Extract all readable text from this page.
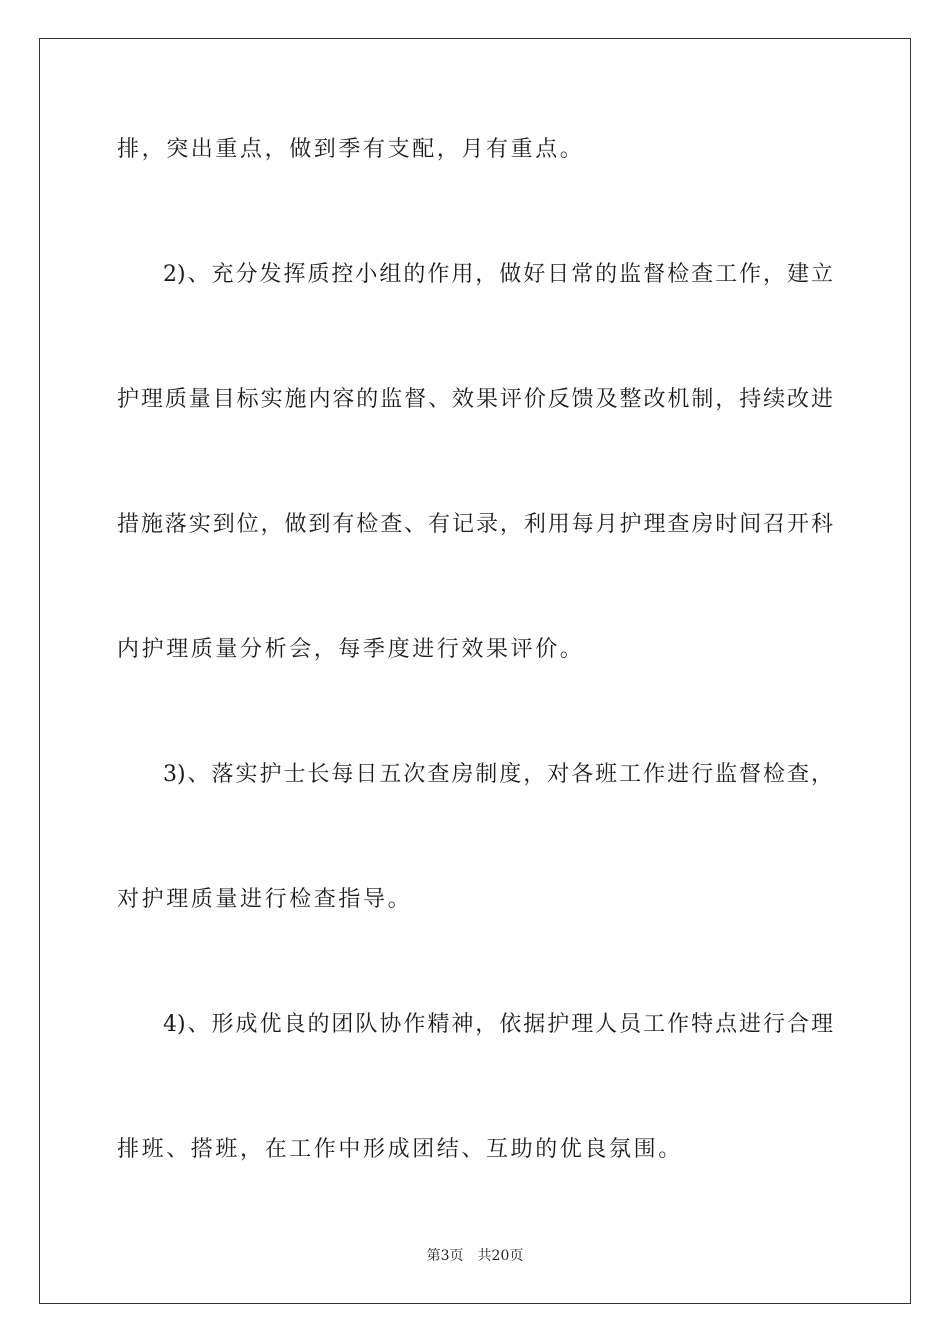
排，突出重点，做到季有支配，月有重点。
2)、充分发挥质控小组的作用，做好日常的监督检查工作，建立
护理质量目标实施内容的监督、效果评价反馈及整改机制，持续改进
措施落实到位，做到有检查、有记录，利用每月护理查房时间召开科
内护理质量分析会，每季度进行效果评价。
3)、落实护士长每日五次查房制度，对各班工作进行监督检查，
对护理质量进行检查指导。
4)、形成优良的团队协作精神，依据护理人员工作特点进行合理
排班、搭班，在工作中形成团结、互助的优良氛围。
第3页 共20页
